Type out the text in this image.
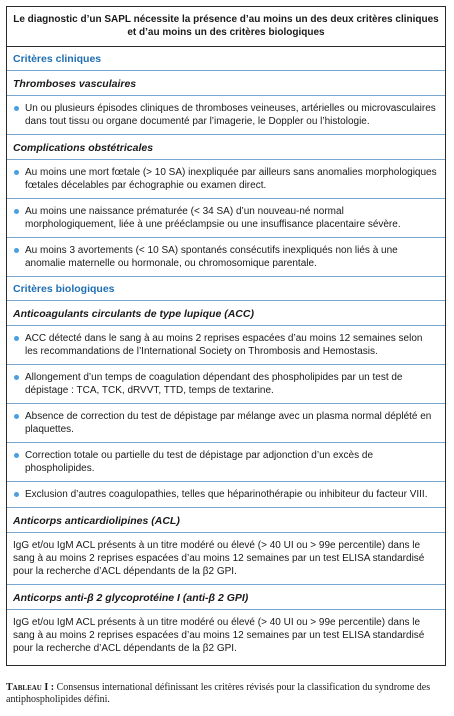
Le diagnostic d’un SAPL nécessite la présence d’au moins un des deux critères cliniques
et d’au moins un des critères biologiques
Critères cliniques
Thromboses vasculaires
Un ou plusieurs épisodes cliniques de thromboses veineuses, artérielles ou microvasculaires dans tout tissu ou organe documenté par l’imagerie, le Doppler ou l’histologie.
Complications obstétricales
Au moins une mort fœtale (> 10 SA) inexpliquée par ailleurs sans anomalies morphologiques fœtales décelables par échographie ou examen direct.
Au moins une naissance prématurée (< 34 SA) d’un nouveau-né normal morphologiquement, liée à une prééclampsie ou une insuffisance placentaire sévère.
Au moins 3 avortements (< 10 SA) spontanés consécutifs inexpliqués non liés à une anomalie maternelle ou hormonale, ou chromosomique parentale.
Critères biologiques
Anticoagulants circulants de type lupique (ACC)
ACC détecté dans le sang à au moins 2 reprises espacées d’au moins 12 semaines selon les recommandations de l’International Society on Thrombosis and Hemostasis.
Allongement d’un temps de coagulation dépendant des phospholipides par un test de dépistage : TCA, TCK, dRVVT, TTD, temps de textarine.
Absence de correction du test de dépistage par mélange avec un plasma normal déplété en plaquettes.
Correction totale ou partielle du test de dépistage par adjonction d’un excès de phospholipides.
Exclusion d’autres coagulopathies, telles que héparinothérapie ou inhibiteur du facteur VIII.
Anticorps anticardiolipines (ACL)
IgG et/ou IgM ACL présents à un titre modéré ou élevé (> 40 UI ou > 99e percentile) dans le sang à au moins 2 reprises espacées d’au moins 12 semaines par un test ELISA standardisé pour la recherche d’ACL dépendants de la β2 GPI.
Anticorps anti-β 2 glycoprotéine I (anti-β 2 GPI)
IgG et/ou IgM ACL présents à un titre modéré ou élevé (> 40 UI ou > 99e percentile) dans le sang à au moins 2 reprises espacées d’au moins 12 semaines par un test ELISA standardisé pour la recherche d’ACL dépendants de la β2 GPI.
Tableau I : Consensus international définissant les critères révisés pour la classification du syndrome des antiphospholipides défini.
